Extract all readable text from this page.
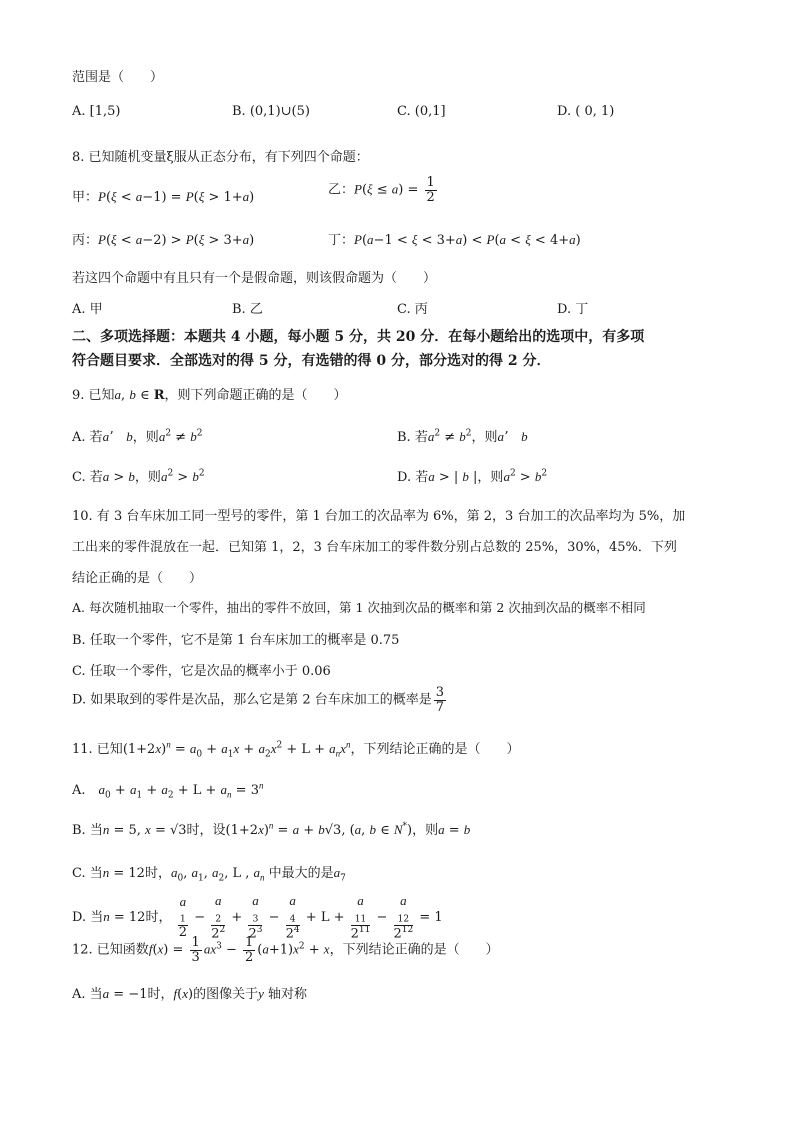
范围是（　　）
A. [1,5)	B. (0,1)∪(5)	C. (0,1]	D. ( 0, 1)
8. 已知随机变量ξ服从正态分布，有下列四个命题：
甲：P(ξ < a−1) = P(ξ > 1+a)	乙：$P(\xi \le a) = \frac{1}{2}$
丙：P(ξ < a−2) > P(ξ > 3+a)	丁：P(a−1 < ξ < 3+a) < P(a < ξ < 4+a)
若这四个命题中有且只有一个是假命题，则该假命题为（　　）
A. 甲	B. 乙	C. 丙	D. 丁
二、多项选择题：本题共 4 小题，每小题 5 分，共 20 分．在每小题给出的选项中，有多项
符合题目要求．全部选对的得 5 分，有选错的得 0 分，部分选对的得 2 分．
9. 已知a, b ∈ R，则下列命题正确的是（　　）
A. 若aʼ　b，则$a^2 \ne b^2$	B. 若$a^2 \ne b^2$，则aʼ　b
C. 若a > b，则$a^2 > b^2$	D. 若a > | b |，则$a^2 > b^2$
10. 有 3 台车床加工同一型号的零件，第 1 台加工的次品率为 6%，第 2，3 台加工的次品率均为 5%，加
工出来的零件混放在一起．已知第 1，2，3 台车床加工的零件数分别占总数的 25%，30%，45%．下列
结论正确的是（　　）
A. 每次随机抽取一个零件，抽出的零件不放回，第 1 次抽到次品的概率和第 2 次抽到次品的概率不相同
B. 任取一个零件，它不是第 1 台车床加工的概率是 0.75
C. 任取一个零件，它是次品的概率小于 0.06
D. 如果取到的零件是次品，那么它是第 2 台车床加工的概率是 $\frac{3}{7}$
11. 已知$(1+2x)^n = a_0 + a_1x + a_2x^2 + L + a_nx^n$，下列结论正确的是（　　）
A.　 $a_0 + a_1 + a_2 + L + a_n = 3^n$
B. 当n = 5, x = √3时，设$(1+2x)^n = a + b√3$, (a, b ∈ N*)，则a = b
C. 当n = 12时，$a_0$, $a_1$, $a_2$, L , $a_n$ 中最大的是$a_7$
D. 当n = 12时， a
$_1$
2 − a
$_2$
$2^2 + a$
$_3$
$2^3 - a$
$_4$
$2^4 + L + a$
$_{11}$
$2^{11} - a$
$_{12}$
$2^{12} = 1$
12. 已知函数$f(x) = \frac{1}{3} ax^3 - \frac{1}{2} (a+1)x^2 + x$，下列结论正确的是（　　）
A. 当a = −1时，f(x)的图像关于y 轴对称
